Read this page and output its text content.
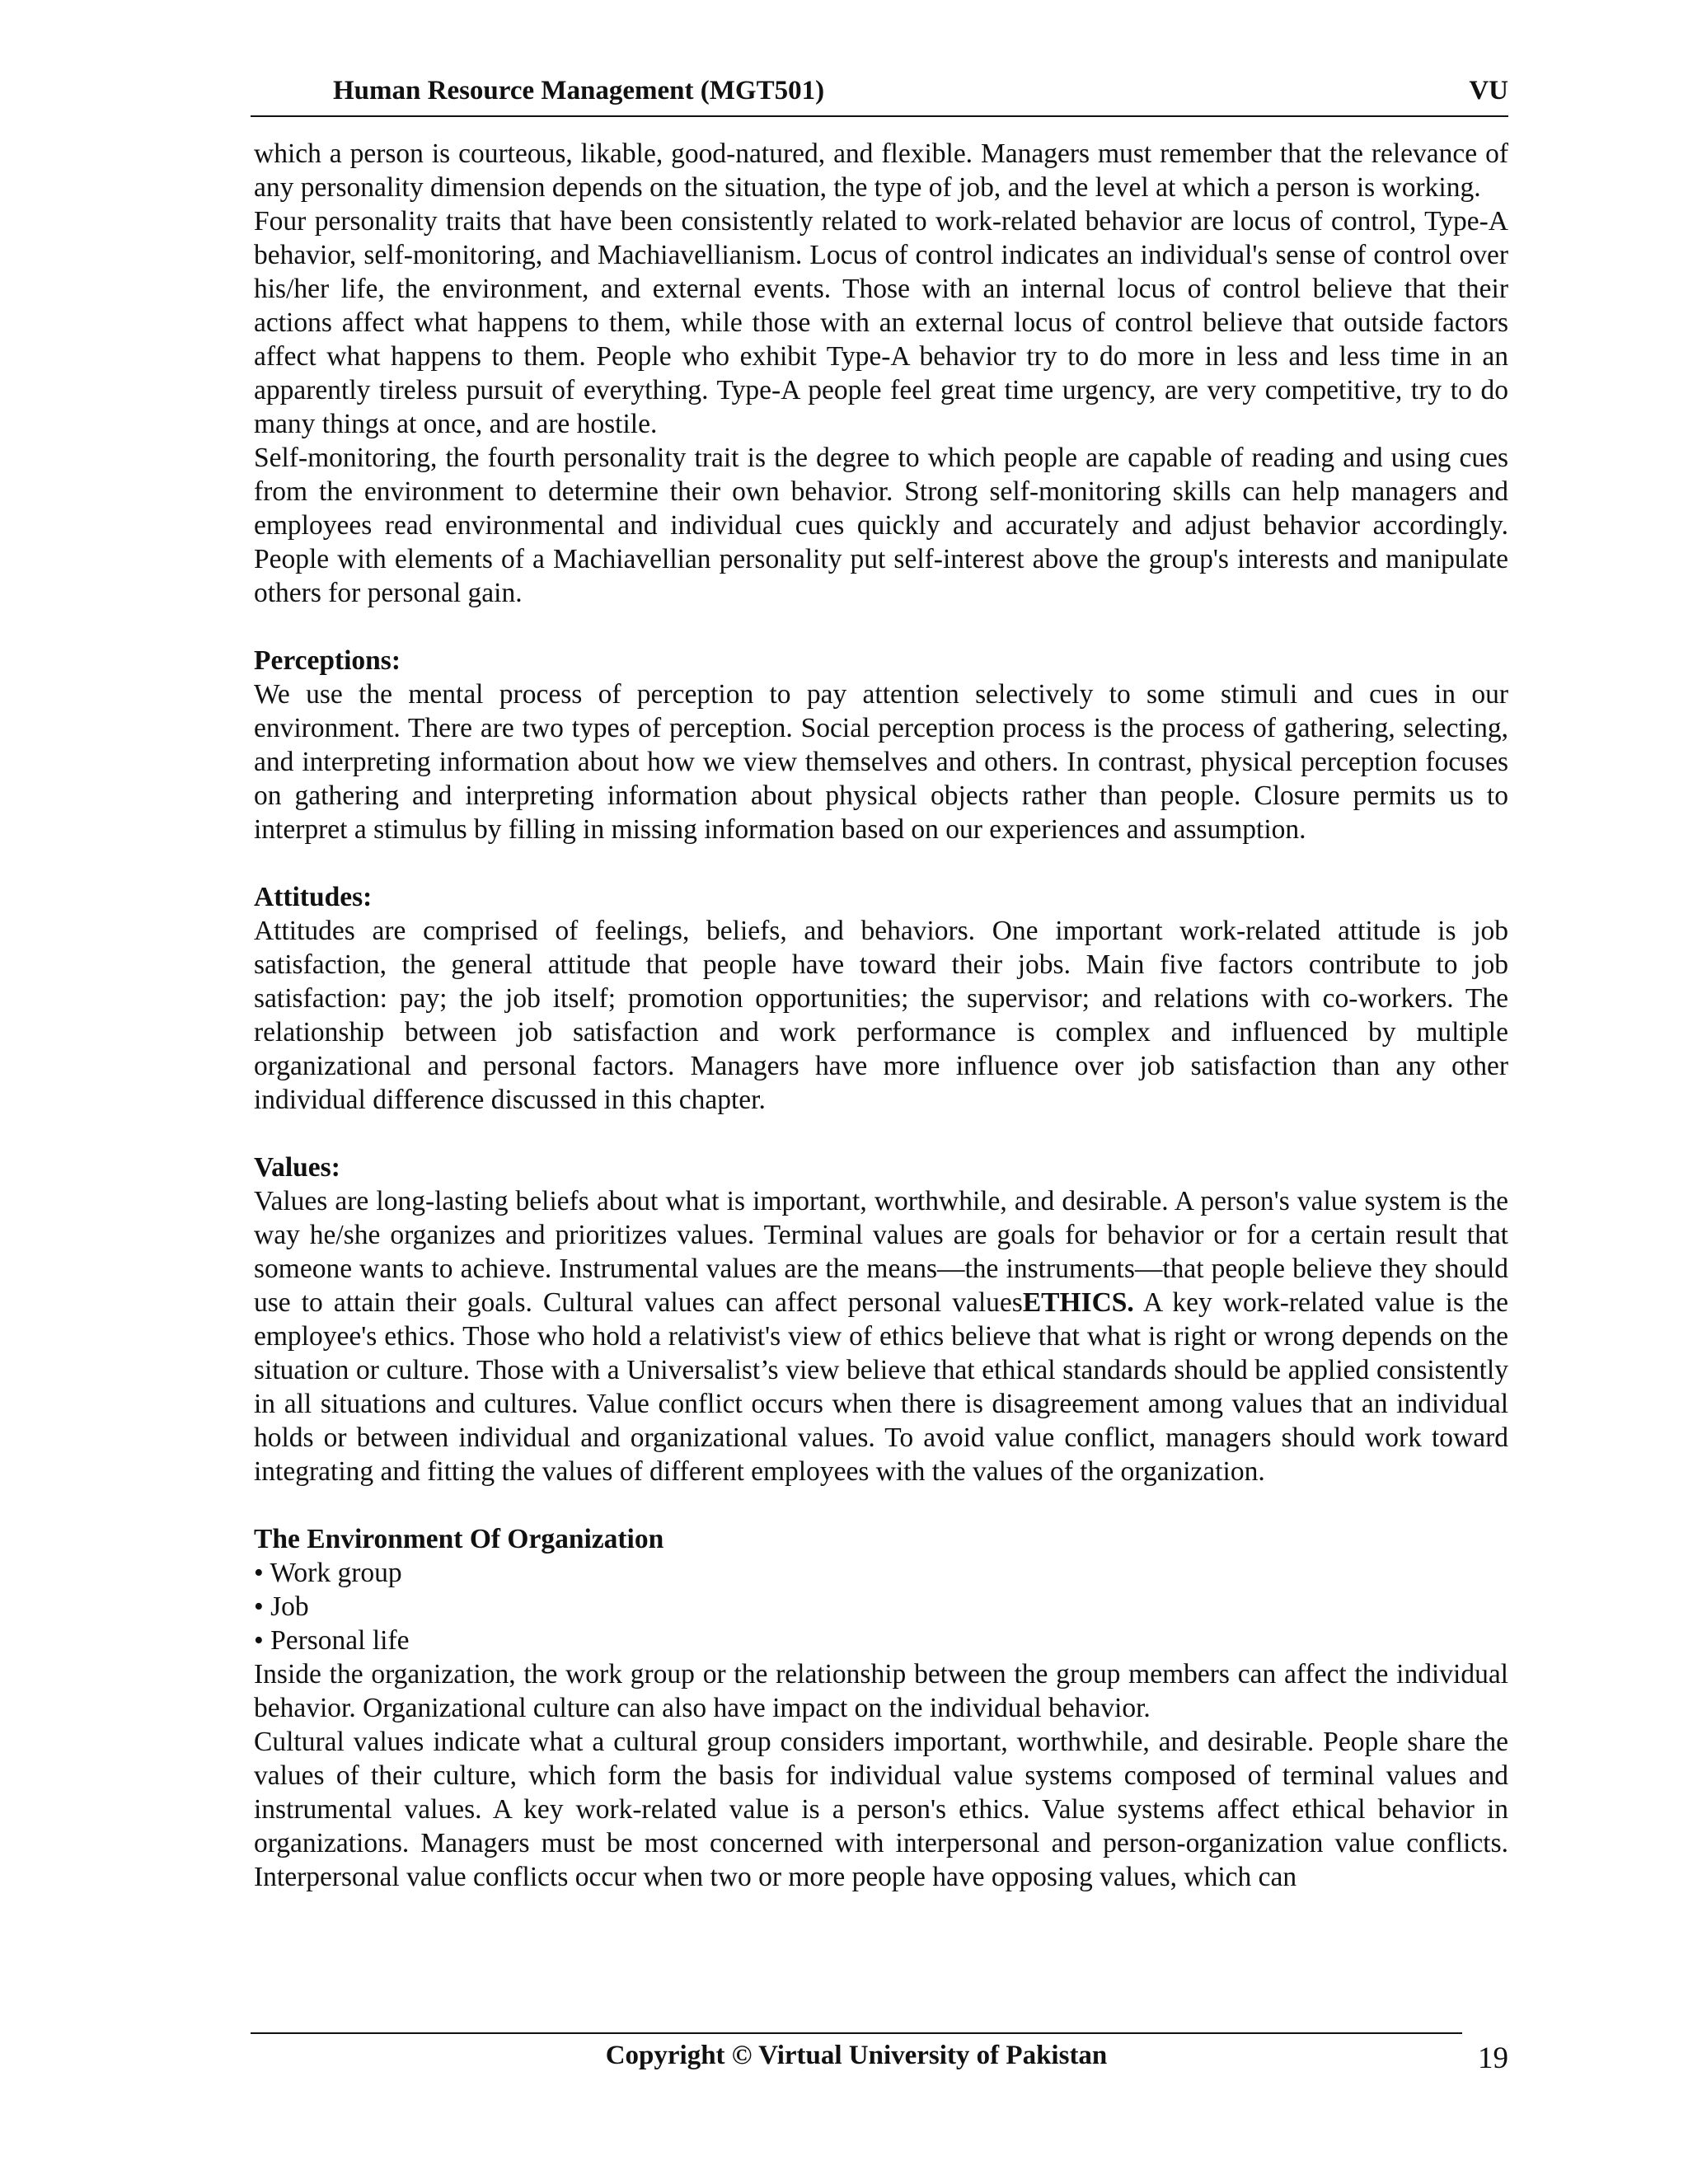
Human Resource Management (MGT501)	VU

which a person is courteous, likable, good-natured, and flexible. Managers must remember that the relevance of any personality dimension depends on the situation, the type of job, and the level at which a person is working.

Four personality traits that have been consistently related to work-related behavior are locus of control, Type-A behavior, self-monitoring, and Machiavellianism. Locus of control indicates an individual's sense of control over his/her life, the environment, and external events. Those with an internal locus of control believe that their actions affect what happens to them, while those with an external locus of control believe that outside factors affect what happens to them. People who exhibit Type-A behavior try to do more in less and less time in an apparently tireless pursuit of everything. Type-A people feel great time urgency, are very competitive, try to do many things at once, and are hostile.

Self-monitoring, the fourth personality trait is the degree to which people are capable of reading and using cues from the environment to determine their own behavior. Strong self-monitoring skills can help managers and employees read environmental and individual cues quickly and accurately and adjust behavior accordingly. People with elements of a Machiavellian personality put self-interest above the group's interests and manipulate others for personal gain.

Perceptions:

We use the mental process of perception to pay attention selectively to some stimuli and cues in our environment. There are two types of perception. Social perception process is the process of gathering, selecting, and interpreting information about how we view themselves and others. In contrast, physical perception focuses on gathering and interpreting information about physical objects rather than people. Closure permits us to interpret a stimulus by filling in missing information based on our experiences and assumption.

Attitudes:

Attitudes are comprised of feelings, beliefs, and behaviors. One important work-related attitude is job satisfaction, the general attitude that people have toward their jobs. Main five factors contribute to job satisfaction: pay; the job itself; promotion opportunities; the supervisor; and relations with co-workers. The relationship between job satisfaction and work performance is complex and influenced by multiple organizational and personal factors. Managers have more influence over job satisfaction than any other individual difference discussed in this chapter.

Values:

Values are long-lasting beliefs about what is important, worthwhile, and desirable. A person's value system is the way he/she organizes and prioritizes values. Terminal values are goals for behavior or for a certain result that someone wants to achieve. Instrumental values are the means—the instruments—that people believe they should use to attain their goals. Cultural values can affect personal valuesETHICS. A key work-related value is the employee's ethics. Those who hold a relativist's view of ethics believe that what is right or wrong depends on the situation or culture. Those with a Universalist’s view believe that ethical standards should be applied consistently in all situations and cultures. Value conflict occurs when there is disagreement among values that an individual holds or between individual and organizational values. To avoid value conflict, managers should work toward integrating and fitting the values of different employees with the values of the organization.

The Environment Of Organization

• Work group

• Job

• Personal life

Inside the organization, the work group or the relationship between the group members can affect the individual behavior. Organizational culture can also have impact on the individual behavior.

Cultural values indicate what a cultural group considers important, worthwhile, and desirable. People share the values of their culture, which form the basis for individual value systems composed of terminal values and instrumental values. A key work-related value is a person's ethics. Value systems affect ethical behavior in organizations. Managers must be most concerned with interpersonal and person-organization value conflicts. Interpersonal value conflicts occur when two or more people have opposing values, which can

Copyright © Virtual University of Pakistan	19
